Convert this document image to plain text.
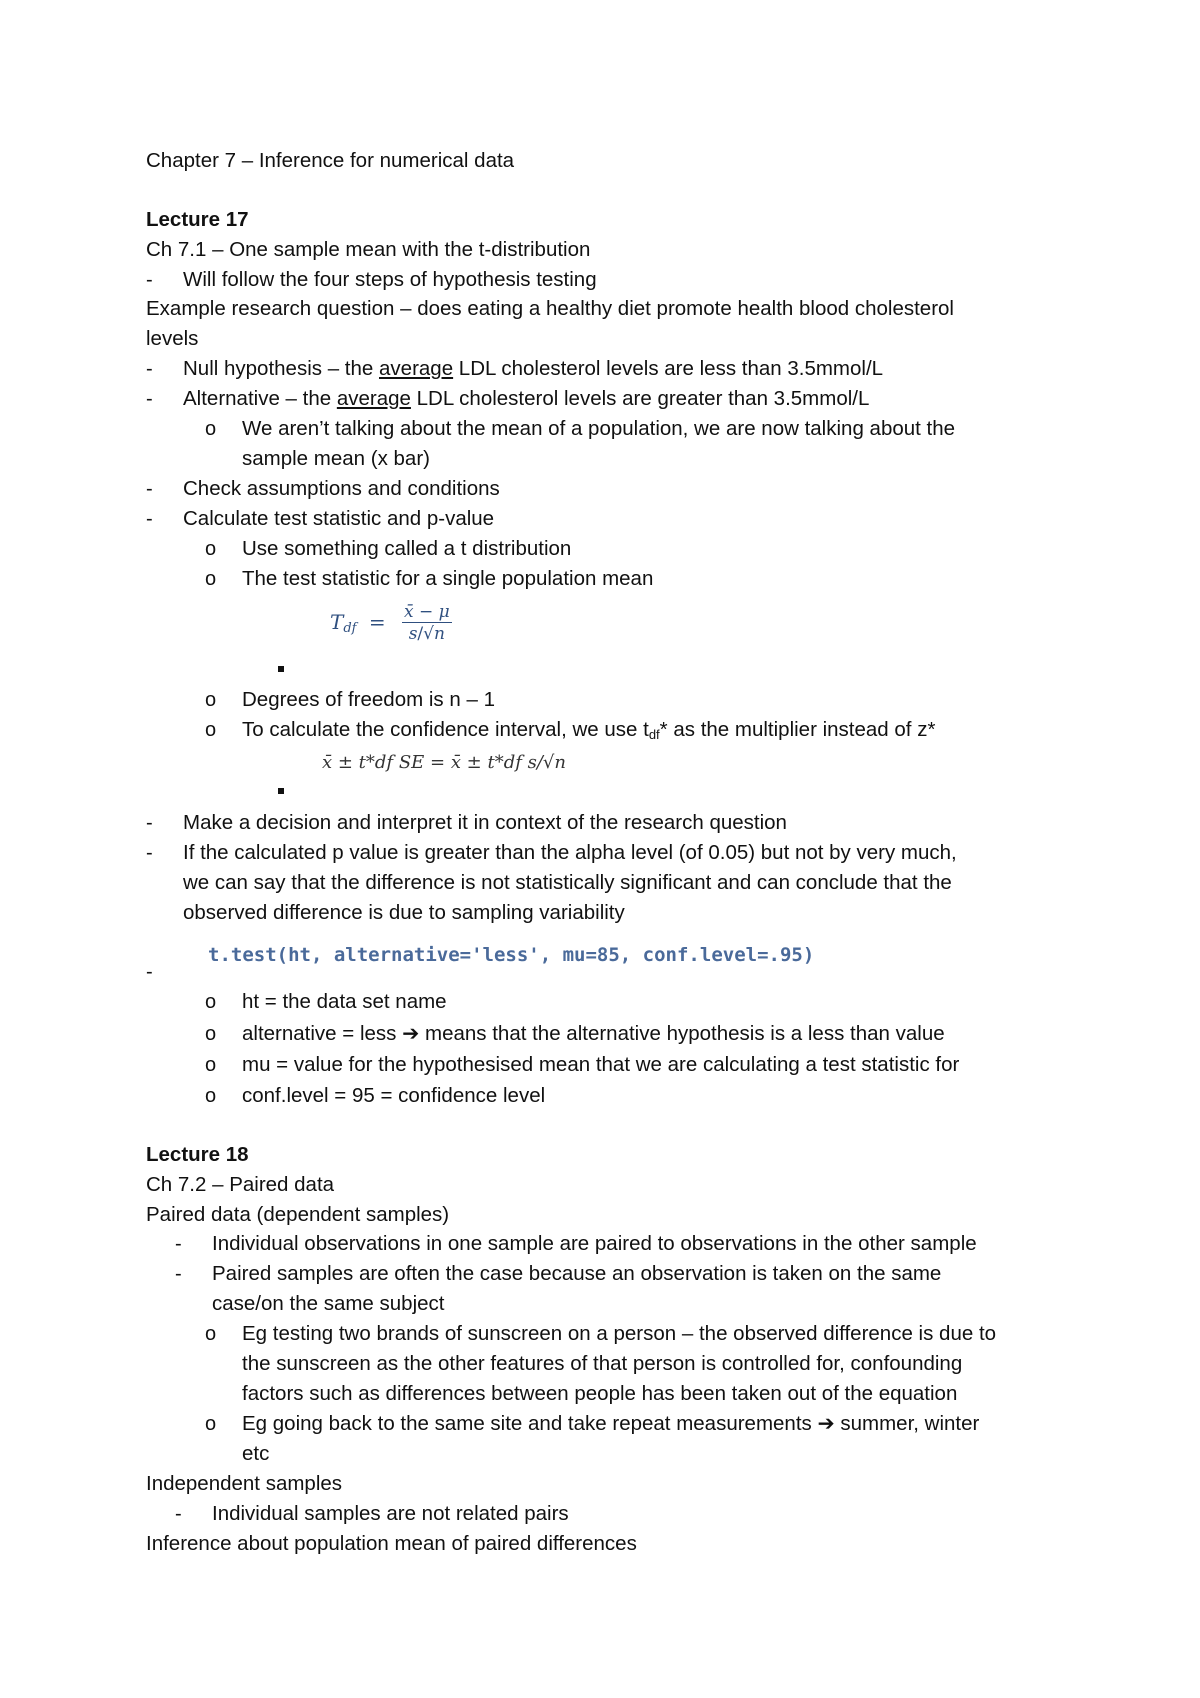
Chapter 7 – Inference for numerical data
Lecture 17
Ch 7.1 – One sample mean with the t-distribution
- Will follow the four steps of hypothesis testing
Example research question – does eating a healthy diet promote health blood cholesterol
levels
- Null hypothesis – the average LDL cholesterol levels are less than 3.5mmol/L
- Alternative – the average LDL cholesterol levels are greater than 3.5mmol/L
o We aren’t talking about the mean of a population, we are now talking about the
sample mean (x bar)
- Check assumptions and conditions
- Calculate test statistic and p-value
o Use something called a t distribution
o The test statistic for a single population mean
$T_{df} = \frac{x̄ - \mu}{s/√n}$
o Degrees of freedom is n – 1
o To calculate the confidence interval, we use $t_{df}*$ as the multiplier instead of z*
x̄ ± t*df SE = x̄ ± t*df s/√n
- Make a decision and interpret it in context of the research question
- If the calculated p value is greater than the alpha level (of 0.05) but not by very much,
we can say that the difference is not statistically significant and can conclude that the
observed difference is due to sampling variability
t.test(ht, alternative='less', mu=85, conf.level=.95)
-
o ht = the data set name
o alternative = less ➔ means that the alternative hypothesis is a less than value
o mu = value for the hypothesised mean that we are calculating a test statistic for
o conf.level = 95 = confidence level
Lecture 18
Ch 7.2 – Paired data
Paired data (dependent samples)
- Individual observations in one sample are paired to observations in the other sample
- Paired samples are often the case because an observation is taken on the same
case/on the same subject
o Eg testing two brands of sunscreen on a person – the observed difference is due to
the sunscreen as the other features of that person is controlled for, confounding
factors such as differences between people has been taken out of the equation
o Eg going back to the same site and take repeat measurements ➔ summer, winter
etc
Independent samples
- Individual samples are not related pairs
Inference about population mean of paired differences
